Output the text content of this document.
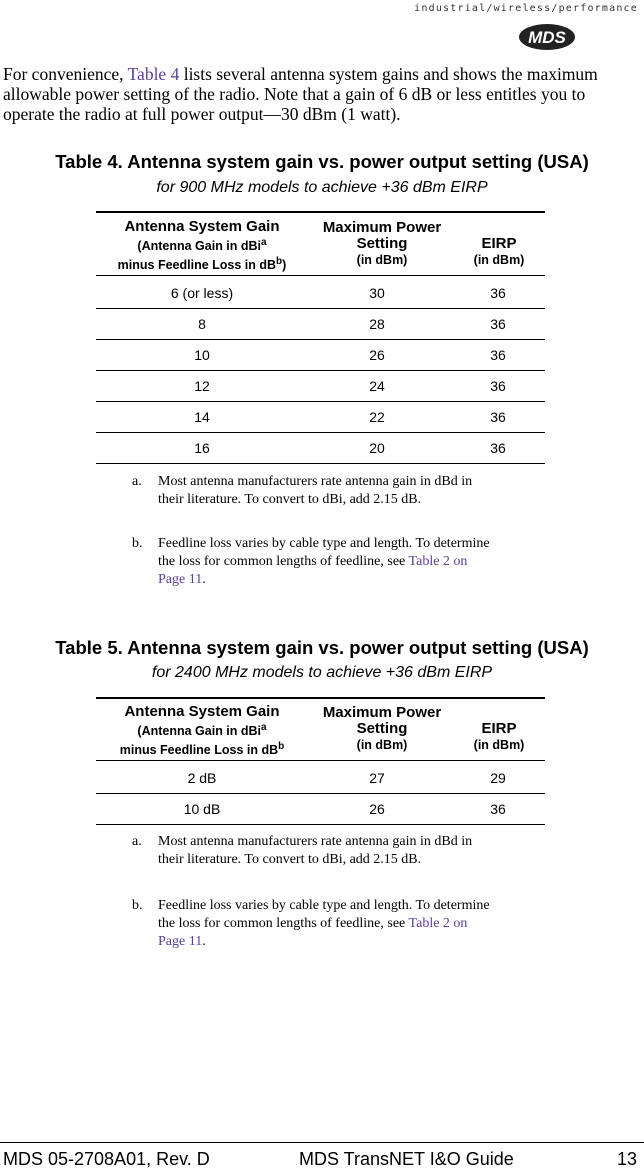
industrial/wireless/performance
MDS
For convenience, Table 4 lists several antenna system gains and shows the maximum allowable power setting of the radio. Note that a gain of 6 dB or less entitles you to operate the radio at full power output—30 dBm (1 watt).
Table 4. Antenna system gain vs. power output setting (USA)
for 900 MHz models to achieve +36 dBm EIRP
Antenna System Gain
(Antenna Gain in dBi$^a$
minus Feedline Loss in $dB^b$)
Maximum Power
Setting
(in dBm)
EIRP
(in dBm)
6 (or less)	30	36
8	28	36
10	26	36
12	24	36
14	22	36
16	20	36
a. Most antenna manufacturers rate antenna gain in dBd in their literature. To convert to dBi, add 2.15 dB.
b. Feedline loss varies by cable type and length. To determine the loss for common lengths of feedline, see Table 2 on Page 11.
Table 5. Antenna system gain vs. power output setting (USA)
for 2400 MHz models to achieve +36 dBm EIRP
Antenna System Gain
(Antenna Gain in dBi$^a$
minus Feedline Loss in $dB^b$
Maximum Power
Setting
(in dBm)
EIRP
(in dBm)
2 dB	27	29
10 dB	26	36
a. Most antenna manufacturers rate antenna gain in dBd in their literature. To convert to dBi, add 2.15 dB.
b. Feedline loss varies by cable type and length. To determine the loss for common lengths of feedline, see Table 2 on Page 11.
MDS 05-2708A01, Rev. D	MDS TransNET I&O Guide	13
